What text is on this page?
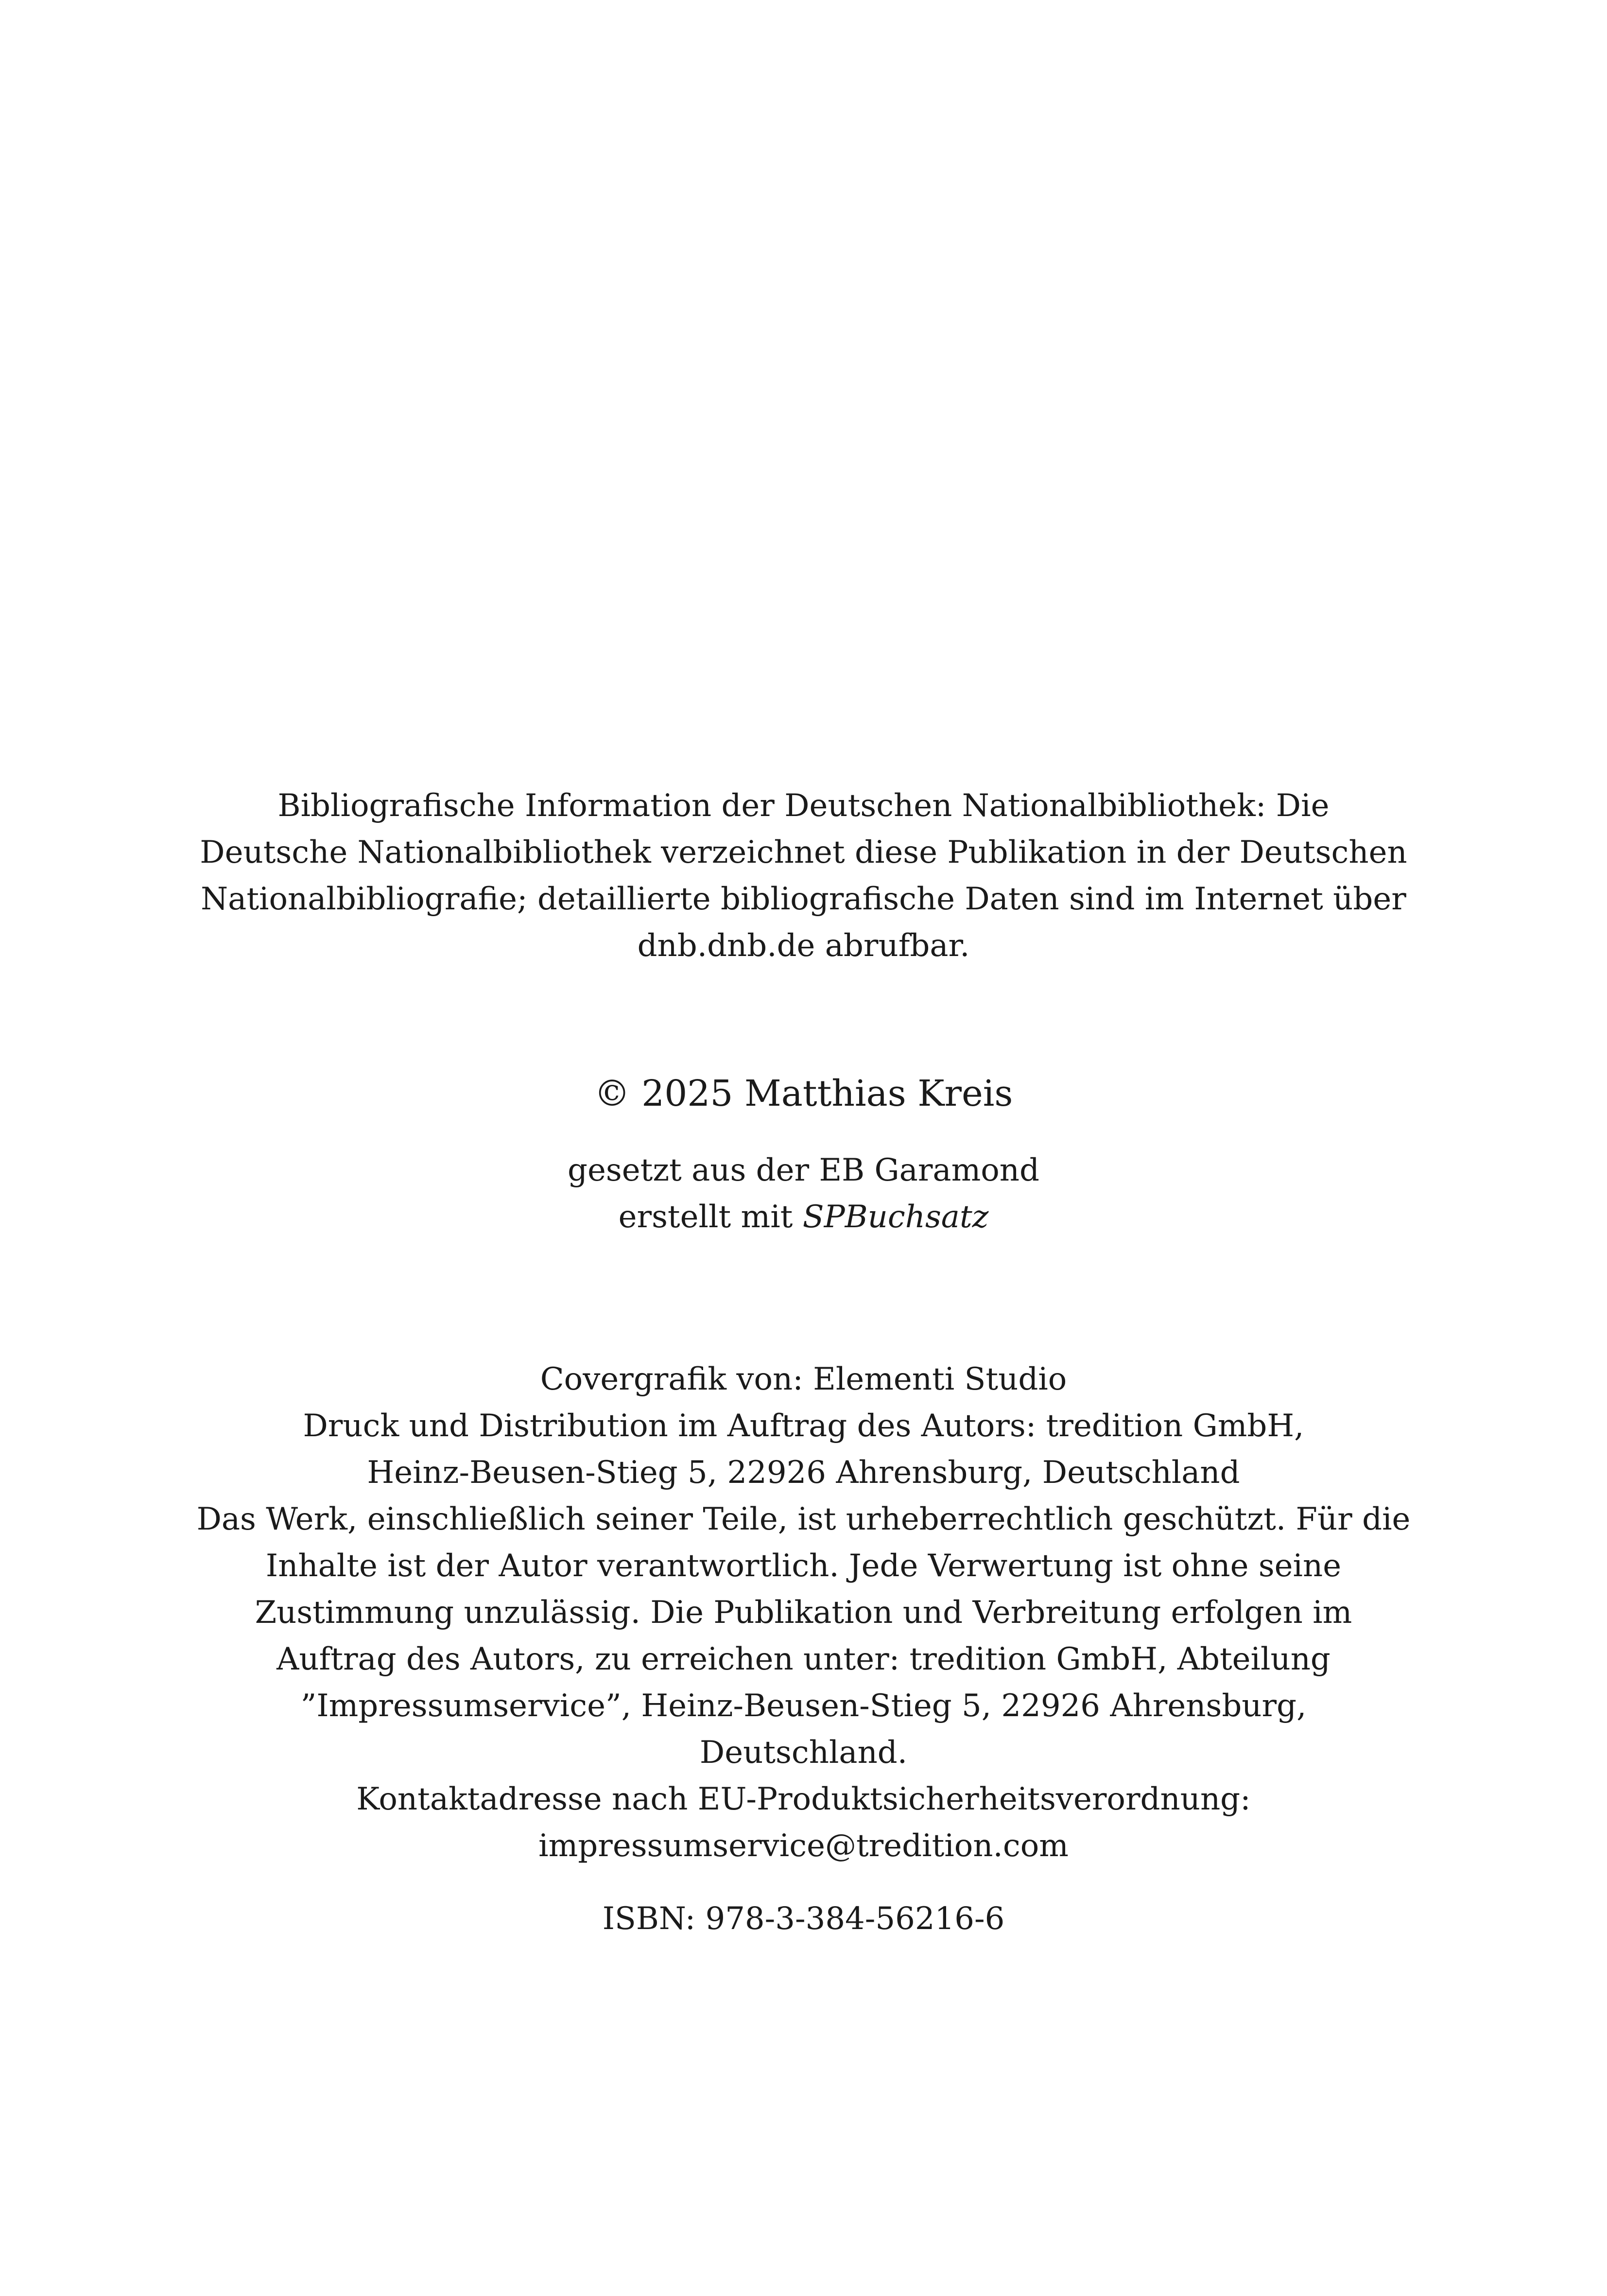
Bibliografische Information der Deutschen Nationalbibliothek: Die
Deutsche Nationalbibliothek verzeichnet diese Publikation in der Deutschen
Nationalbibliografie; detaillierte bibliografische Daten sind im Internet über
dnb.dnb.de abrufbar.
© 2025 Matthias Kreis
gesetzt aus der EB Garamond
erstellt mit SPBuchsatz
Covergrafik von: Elementi Studio
Druck und Distribution im Auftrag des Autors: tredition GmbH,
Heinz-Beusen-Stieg 5, 22926 Ahrensburg, Deutschland
Das Werk, einschließlich seiner Teile, ist urheberrechtlich geschützt. Für die
Inhalte ist der Autor verantwortlich. Jede Verwertung ist ohne seine
Zustimmung unzulässig. Die Publikation und Verbreitung erfolgen im
Auftrag des Autors, zu erreichen unter: tredition GmbH, Abteilung
”Impressumservice”, Heinz-Beusen-Stieg 5, 22926 Ahrensburg,
Deutschland.
Kontaktadresse nach EU-Produktsicherheitsverordnung:
impressumservice@tredition.com
ISBN: 978-3-384-56216-6
